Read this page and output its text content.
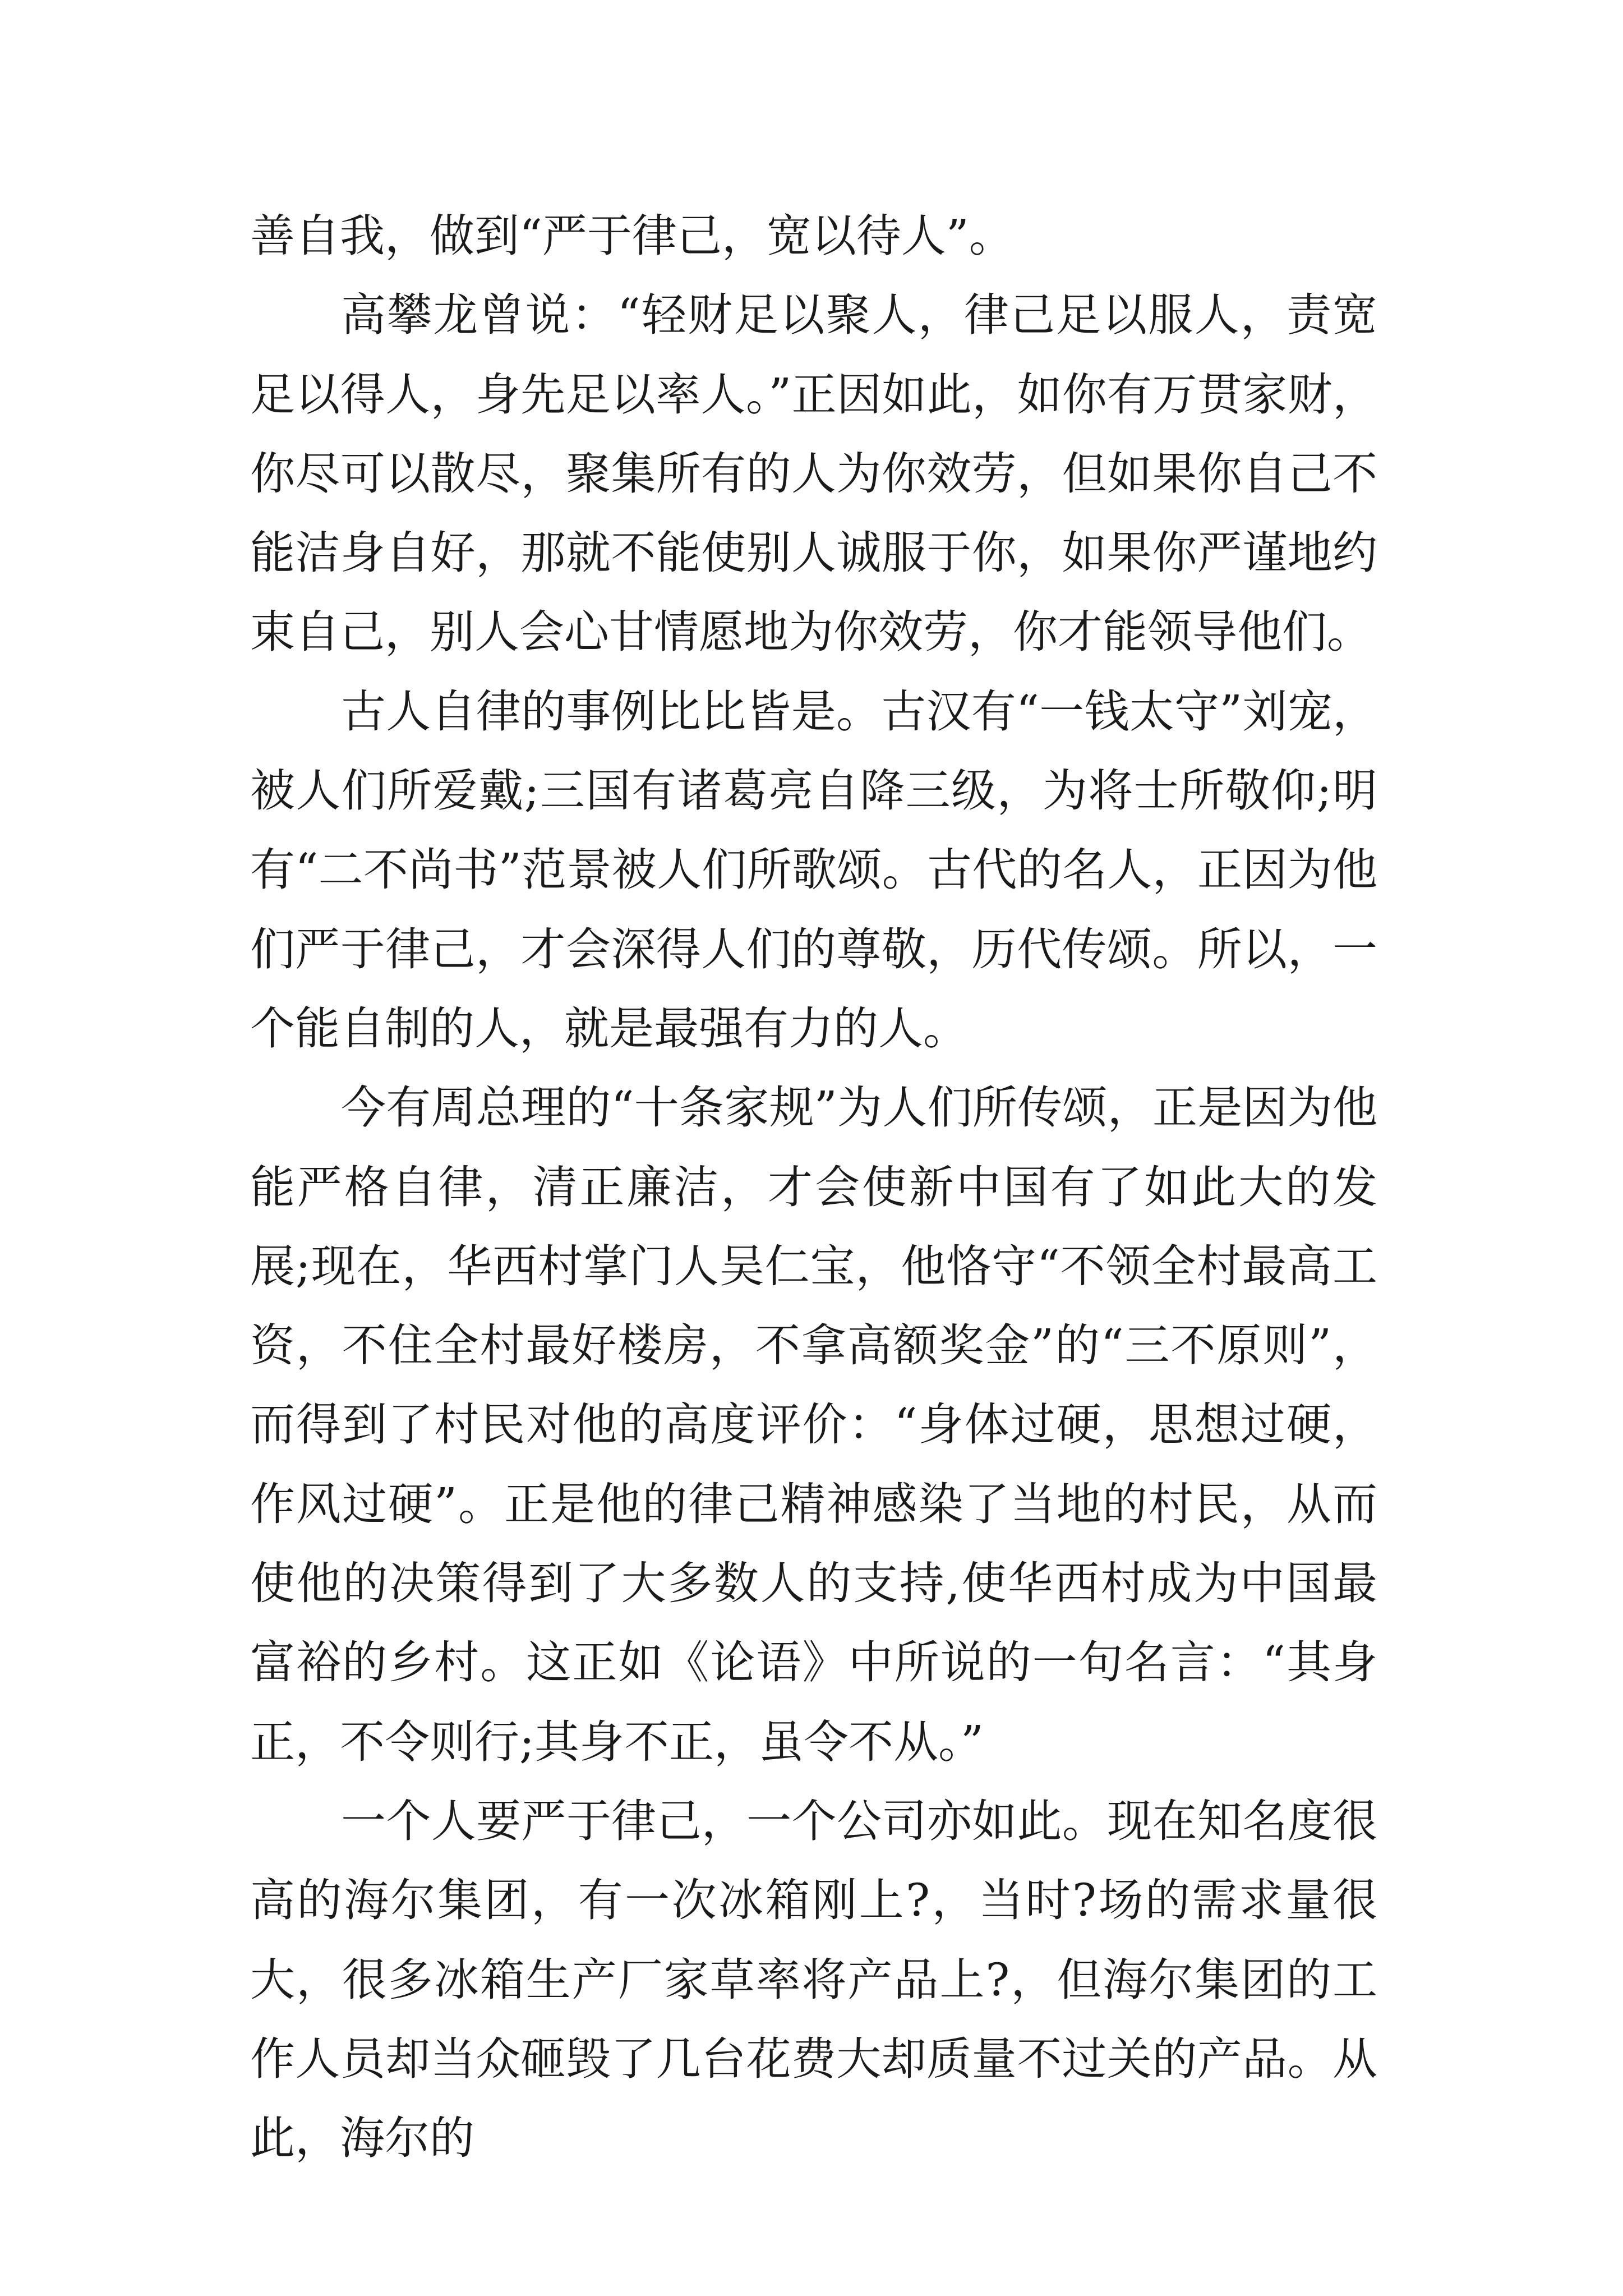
善自我，做到“严于律己，宽以待人”。

高攀龙曾说：“轻财足以聚人，律己足以服人，责宽足以得人，身先足以率人。”正因如此，如你有万贯家财，你尽可以散尽，聚集所有的人为你效劳，但如果你自己不能洁身自好，那就不能使别人诚服于你，如果你严谨地约束自己，别人会心甘情愿地为你效劳，你才能领导他们。

古人自律的事例比比皆是。古汉有“一钱太守”刘宠，被人们所爱戴;三国有诸葛亮自降三级，为将士所敬仰;明有“二不尚书”范景被人们所歌颂。古代的名人，正因为他们严于律己，才会深得人们的尊敬，历代传颂。所以，一个能自制的人，就是最强有力的人。

今有周总理的“十条家规”为人们所传颂，正是因为他能严格自律，清正廉洁，才会使新中国有了如此大的发展;现在，华西村掌门人吴仁宝，他恪守“不领全村最高工资，不住全村最好楼房，不拿高额奖金”的“三不原则”，而得到了村民对他的高度评价：“身体过硬，思想过硬，作风过硬”。正是他的律己精神感染了当地的村民，从而使他的决策得到了大多数人的支持,使华西村成为中国最富裕的乡村。这正如《论语》中所说的一句名言：“其身正，不令则行;其身不正，虽令不从。”

一个人要严于律己，一个公司亦如此。现在知名度很高的海尔集团，有一次冰箱刚上?，当时?场的需求量很大，很多冰箱生产厂家草率将产品上?，但海尔集团的工作人员却当众砸毁了几台花费大却质量不过关的产品。从此，海尔的
